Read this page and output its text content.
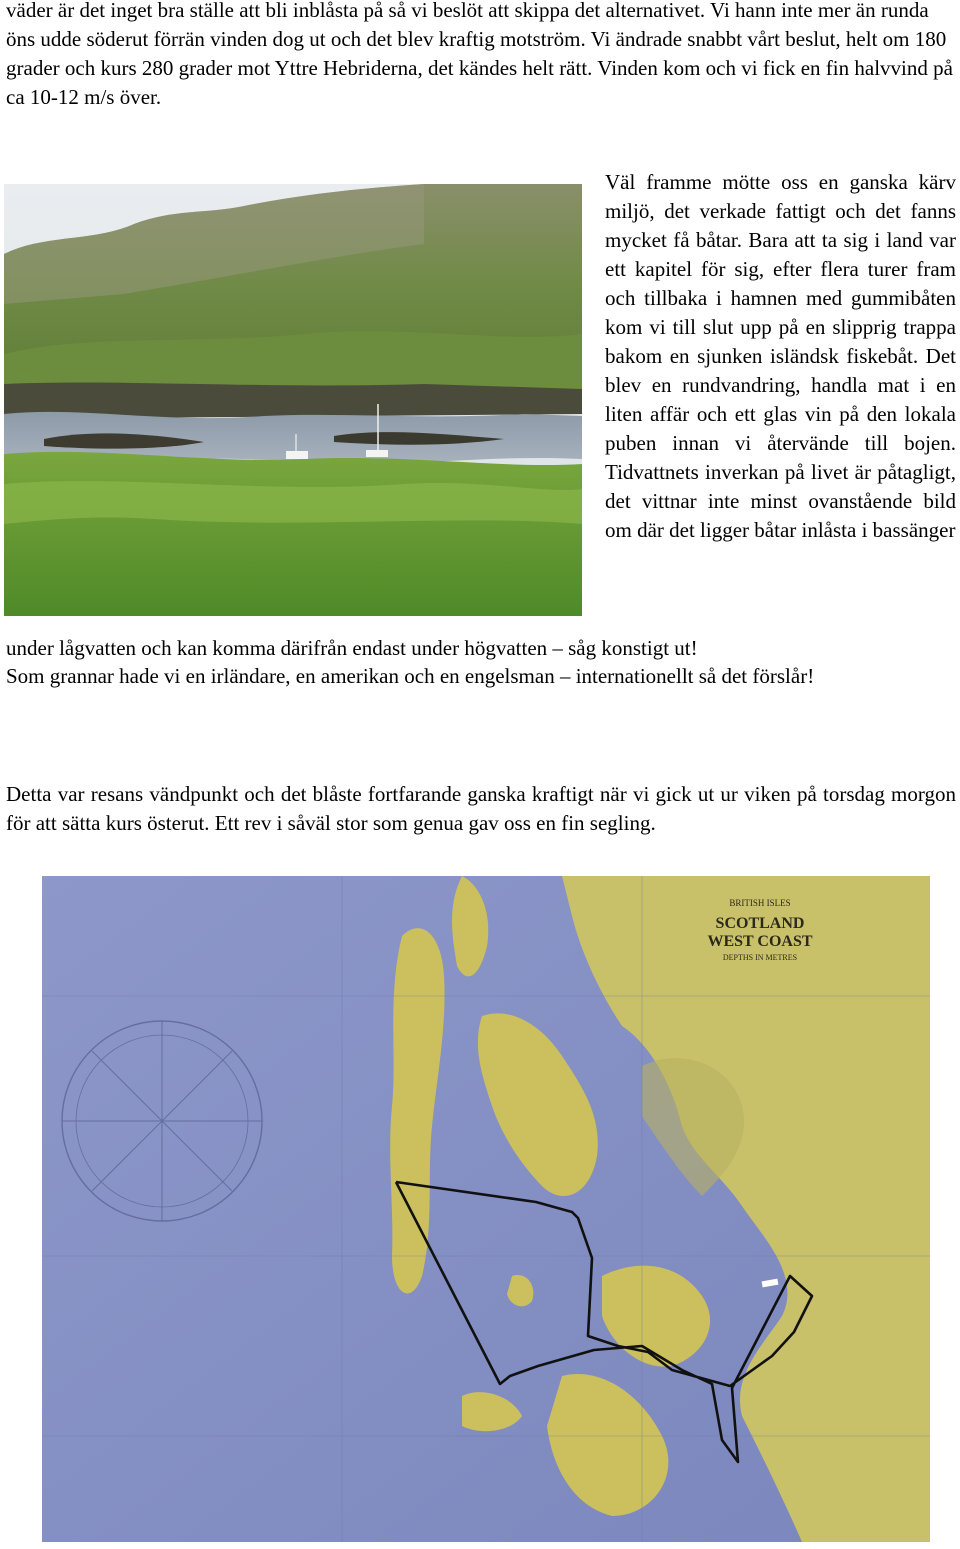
väder är det inget bra ställe att bli inblåsta på så vi beslöt att skippa det alternativet. Vi hann inte mer än runda öns udde söderut förrän vinden dog ut och det blev kraftig motström. Vi ändrade snabbt vårt beslut, helt om 180 grader och kurs 280 grader mot Yttre Hebriderna, det kändes helt rätt. Vinden kom och vi fick en fin halvvind på ca 10-12 m/s över.

Väl framme mötte oss en ganska kärv miljö, det verkade fattigt och det fanns mycket få båtar. Bara att ta sig i land var ett kapitel för sig, efter flera turer fram och tillbaka i hamnen med gummibåten kom vi till slut upp på en slipprig trappa bakom en sjunken isländsk fiskebåt. Det blev en rundvandring, handla mat i en liten affär och ett glas vin på den lokala puben innan vi återvände till bojen. Tidvattnets inverkan på livet är påtagligt, det vittnar inte minst ovanstående bild om där det ligger båtar inlåsta i bassänger

under lågvatten och kan komma därifrån endast under högvatten – såg konstigt ut!

Som grannar hade vi en irländare, en amerikan och en engelsman – internationellt så det förslår!

Detta var resans vändpunkt och det blåste fortfarande ganska kraftigt när vi gick ut ur viken på torsdag morgon för att sätta kurs österut. Ett rev i såväl stor som genua gav oss en fin segling.

BRITISH ISLES
SCOTLAND
WEST COAST
DEPTHS IN METRES
